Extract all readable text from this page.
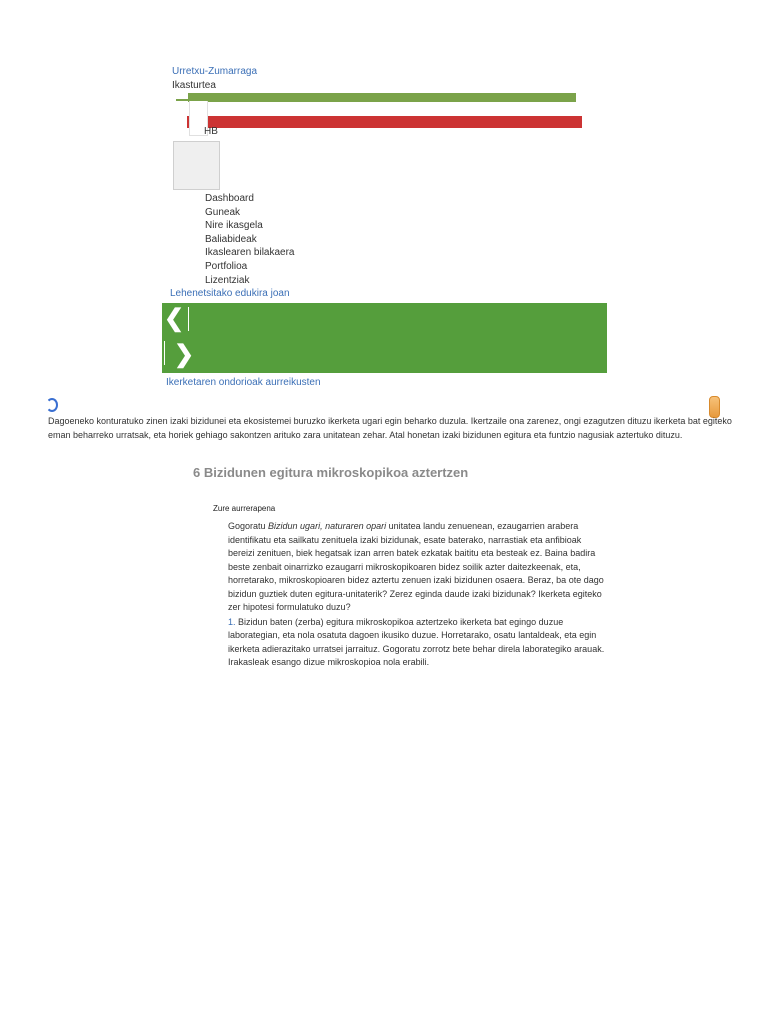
Urretxu-Zumarraga
Ikasturtea
HB
Dashboard
Guneak
Nire ikasgela
Baliabideak
Ikaslearen bilakaera
Portfolioa
Lizentziak
Lehenetsitako edukira joan
❮
❯
Ikerketaren ondorioak aurreikusten
Dagoeneko konturatuko zinen izaki bizidunei eta ekosistemei buruzko ikerketa ugari egin beharko duzula. Ikertzaile ona zarenez, ongi ezagutzen dituzu ikerketa bat egiteko eman beharreko urratsak, eta horiek gehiago sakontzen arituko zara unitatean zehar. Atal honetan izaki bizidunen egitura eta funtzio nagusiak aztertuko dituzu.
6 Bizidunen egitura mikroskopikoa aztertzen
Zure aurrerapena

Gogoratu Bizidun ugari, naturaren opari unitatea landu zenuenean, ezaugarrien arabera identifikatu eta sailkatu zenituela izaki bizidunak, esate baterako, narrastiak eta anfibioak bereizi zenituen, biek hegatsak izan arren batek ezkatak baititu eta besteak ez. Baina badira beste zenbait oinarrizko ezaugarri mikroskopikoaren bidez soilik azter daitezkeenak, eta, horretarako, mikroskopioaren bidez aztertu zenuen izaki bizidunen osaera. Beraz, ba ote dago bizidun guztiek duten egitura-unitaterik? Zerez eginda daude izaki bizidunak? Ikerketa egiteko zer hipotesi formulatuko duzu?

1. Bizidun baten (zerba) egitura mikroskopikoa aztertzeko ikerketa bat egingo duzue laborategian, eta nola osatuta dagoen ikusiko duzue. Horretarako, osatu lantaldeak, eta egin ikerketa adierazitako urratsei jarraituz. Gogoratu zorrotz bete behar direla laborategiko arauak. Irakasleak esango dizue mikroskopioa nola erabili.
